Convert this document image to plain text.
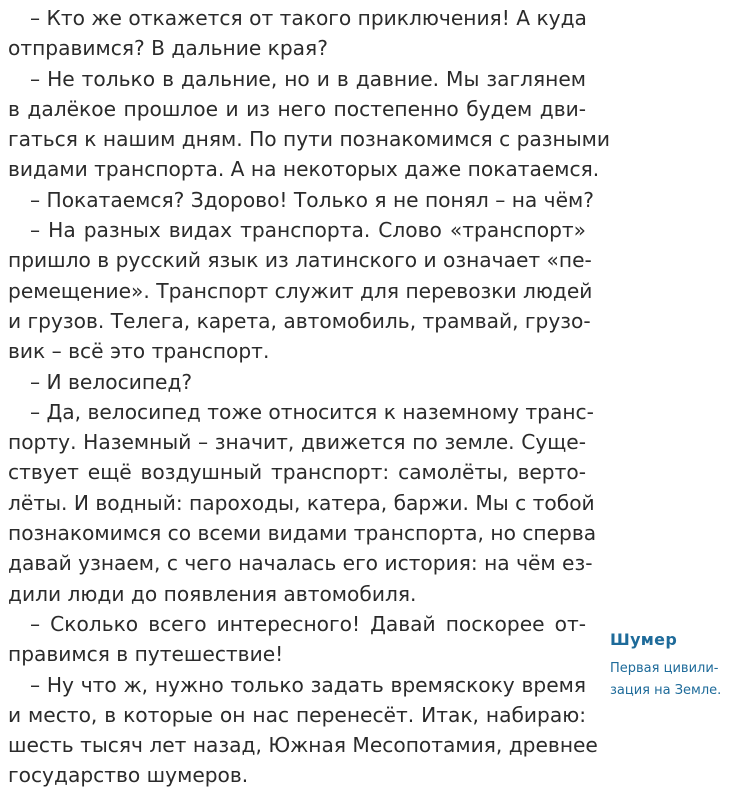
– Кто же откажется от такого приключения! А куда
отправимся? В дальние края?
– Не только в дальние, но и в давние. Мы заглянем
в далёкое прошлое и из него постепенно будем дви-
гаться к нашим дням. По пути познакомимся с разными
видами транспорта. А на некоторых даже покатаемся.
– Покатаемся? Здорово! Только я не понял – на чём?
– На разных видах транспорта. Слово «транспорт»
пришло в русский язык из латинского и означает «пе-
ремещение». Транспорт служит для перевозки людей
и грузов. Телега, карета, автомобиль, трамвай, грузо-
вик – всё это транспорт.
– И велосипед?
– Да, велосипед тоже относится к наземному транс-
порту. Наземный – значит, движется по земле. Суще-
ствует ещё воздушный транспорт: самолёты, верто-
лёты. И водный: пароходы, катера, баржи. Мы с тобой
познакомимся со всеми видами транспорта, но сперва
давай узнаем, с чего началась его история: на чём ез-
дили люди до появления автомобиля.
– Сколько всего интересного! Давай поскорее от-
правимся в путешествие!
– Ну что ж, нужно только задать времяскоку время
и место, в которые он нас перенесёт. Итак, набираю:
шесть тысяч лет назад, Южная Месопотамия, древнее
государство шумеров.
Шумер
Первая цивили-
зация на Земле.
